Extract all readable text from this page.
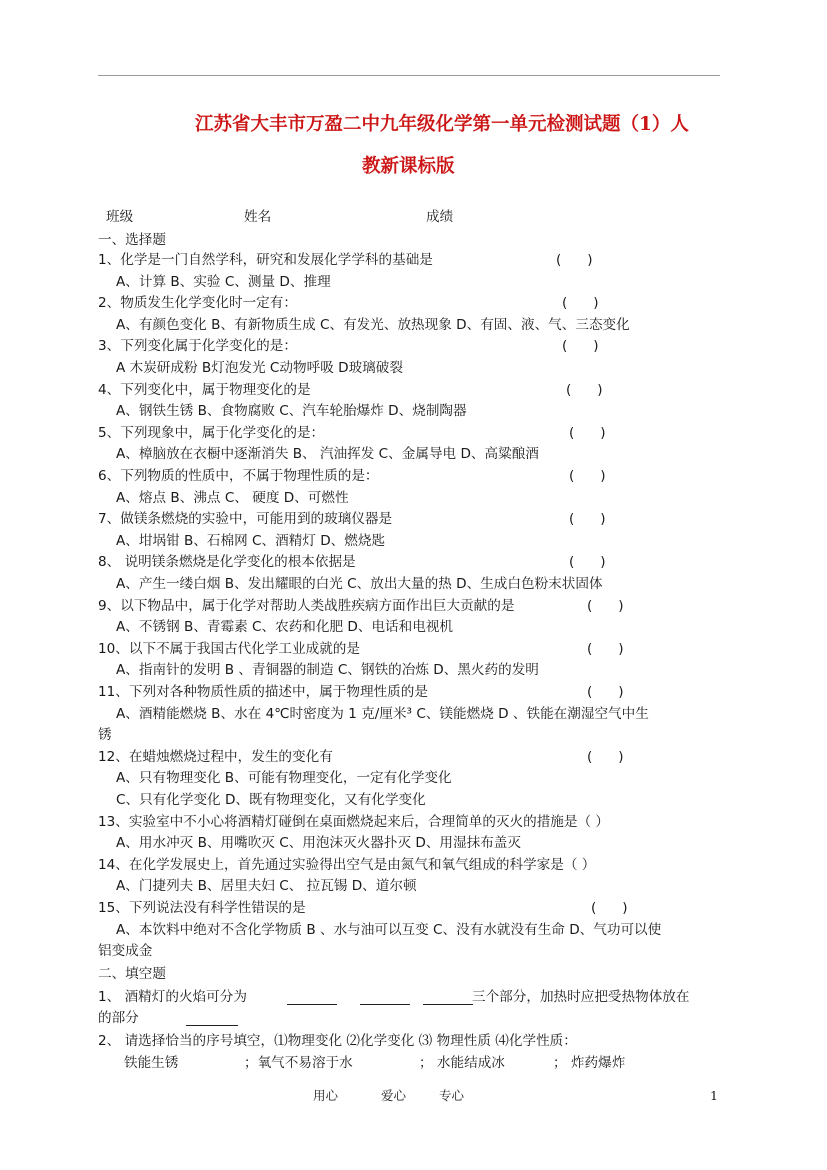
江苏省大丰市万盈二中九年级化学第一单元检测试题（1）人
教新课标版
班级	姓名	成绩
一、选择题
1、化学是一门自然学科，研究和发展化学学科的基础是	(      )
A、计算 B、实验 C、测量 D、推理
2、物质发生化学变化时一定有：	(      )
A、有颜色变化 B、有新物质生成 C、有发光、放热现象 D、有固、液、气、三态变化
3、下列变化属于化学变化的是：	(      )
A 木炭研成粉 B灯泡发光 C动物呼吸 D玻璃破裂
4、下列变化中，属于物理变化的是	(      )
A、钢铁生锈 B、食物腐败 C、汽车轮胎爆炸 D、烧制陶器
5、下列现象中，属于化学变化的是：	(      )
A、樟脑放在衣橱中逐渐消失 B、 汽油挥发 C、金属导电 D、高粱酿酒
6、下列物质的性质中，不属于物理性质的是：	(      )
A、熔点 B、沸点 C、 硬度 D、可燃性
7、做镁条燃烧的实验中，可能用到的玻璃仪器是	(      )
A、坩埚钳 B、石棉网 C、酒精灯 D、燃烧匙
8、 说明镁条燃烧是化学变化的根本依据是	(      )
A、产生一缕白烟 B、发出耀眼的白光 C、放出大量的热 D、生成白色粉末状固体
9、以下物品中，属于化学对帮助人类战胜疾病方面作出巨大贡献的是	(      )
A、不锈钢 B、青霉素 C、农药和化肥 D、电话和电视机
10、以下不属于我国古代化学工业成就的是	(      )
A、指南针的发明 B 、青铜器的制造 C、钢铁的冶炼 D、黑火药的发明
11、下列对各种物质性质的描述中，属于物理性质的是	(      )
A、酒精能燃烧 B、水在 4℃时密度为 1 克/厘米³ C、镁能燃烧 D 、铁能在潮湿空气中生
锈
12、在蜡烛燃烧过程中，发生的变化有	(      )
A、只有物理变化 B、可能有物理变化，一定有化学变化
C、只有化学变化 D、既有物理变化，又有化学变化
13、实验室中不小心将酒精灯碰倒在桌面燃烧起来后，合理简单的灭火的措施是（ ）
A、用水冲灭 B、用嘴吹灭 C、用泡沫灭火器扑灭 D、用湿抹布盖灭
14、在化学发展史上，首先通过实验得出空气是由氮气和氧气组成的科学家是（ ）
A、门捷列夫 B、居里夫妇 C、 拉瓦锡 D、道尔顿
15、下列说法没有科学性错误的是	(      )
A、本饮料中绝对不含化学物质 B 、水与油可以互变 C、没有水就没有生命 D、气功可以使
铝变成金
二、填空题
1、 酒精灯的火焰可分为	三个部分，加热时应把受热物体放在
的部分
2、 请选择恰当的序号填空，⑴物理变化 ⑵化学变化 ⑶ 物理性质 ⑷化学性质：
铁能生锈	；氧气不易溶于水	； 水能结成冰	； 炸药爆炸
用心	爱心	专心	1
